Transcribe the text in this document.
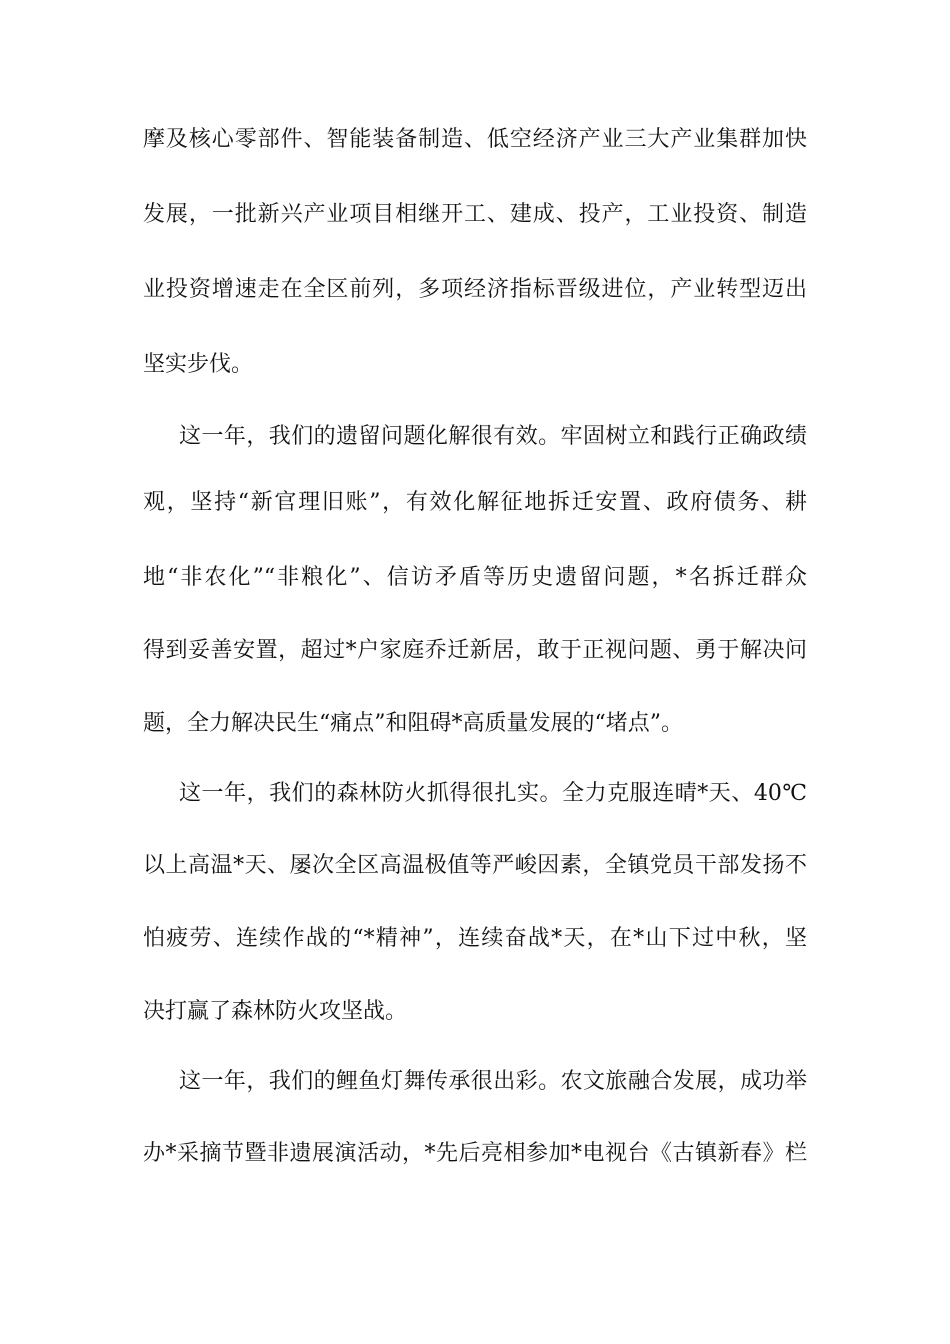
摩及核心零部件、智能装备制造、低空经济产业三大产业集群加快
发展，一批新兴产业项目相继开工、建成、投产，工业投资、制造
业投资增速走在全区前列，多项经济指标晋级进位，产业转型迈出
坚实步伐。
这一年，我们的遗留问题化解很有效。牢固树立和践行正确政绩
观，坚持“新官理旧账”，有效化解征地拆迁安置、政府债务、耕
地“非农化”“非粮化”、信访矛盾等历史遗留问题，*名拆迁群众
得到妥善安置，超过*户家庭乔迁新居，敢于正视问题、勇于解决问
题，全力解决民生“痛点”和阻碍*高质量发展的“堵点”。
这一年，我们的森林防火抓得很扎实。全力克服连晴*天、40℃
以上高温*天、屡次全区高温极值等严峻因素，全镇党员干部发扬不
怕疲劳、连续作战的“*精神”，连续奋战*天，在*山下过中秋，坚
决打赢了森林防火攻坚战。
这一年，我们的鲤鱼灯舞传承很出彩。农文旅融合发展，成功举
办*采摘节暨非遗展演活动，*先后亮相参加*电视台《古镇新春》栏
